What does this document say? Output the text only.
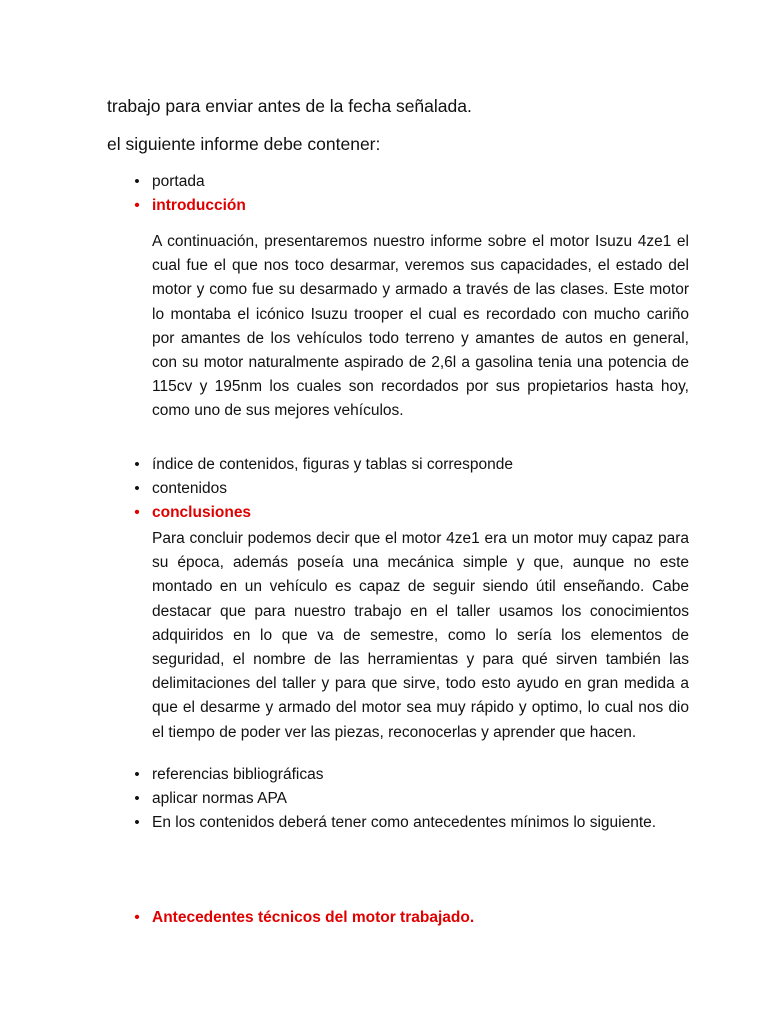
trabajo para enviar antes de la fecha señalada.
el siguiente informe debe contener:
• portada
• introducción

A continuación, presentaremos nuestro informe sobre el motor Isuzu 4ze1 el cual fue el que nos toco desarmar, veremos sus capacidades, el estado del motor y como fue su desarmado y armado a través de las clases. Este motor lo montaba el icónico Isuzu trooper el cual es recordado con mucho cariño por amantes de los vehículos todo terreno y amantes de autos en general, con su motor naturalmente aspirado de 2,6l a gasolina tenia una potencia de 115cv y 195nm los cuales son recordados por sus propietarios hasta hoy, como uno de sus mejores vehículos.

• índice de contenidos, figuras y tablas si corresponde
• contenidos
• conclusiones

Para concluir podemos decir que el motor 4ze1 era un motor muy capaz para su época, además poseía una mecánica simple y que, aunque no este montado en un vehículo es capaz de seguir siendo útil enseñando. Cabe destacar que para nuestro trabajo en el taller usamos los conocimientos adquiridos en lo que va de semestre, como lo sería los elementos de seguridad, el nombre de las herramientas y para qué sirven también las delimitaciones del taller y para que sirve, todo esto ayudo en gran medida a que el desarme y armado del motor sea muy rápido y optimo, lo cual nos dio el tiempo de poder ver las piezas, reconocerlas y aprender que hacen.

• referencias bibliográficas
• aplicar normas APA
• En los contenidos deberá tener como antecedentes mínimos lo siguiente.
• Antecedentes técnicos del motor trabajado.
